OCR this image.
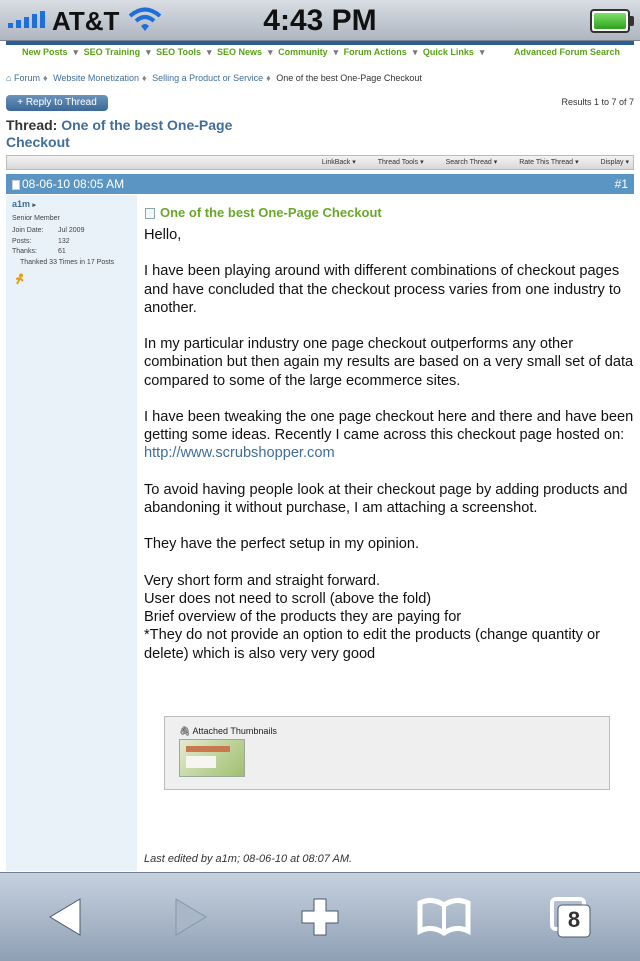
AT&T	4:43 PM
New Posts ▾ SEO Training ▾ SEO Tools ▾ SEO News ▾ Community ▾ Forum Actions ▾ Quick Links ▾	Advanced Forum Search
⌂ Forum ♦ Website Monetization ♦ Selling a Product or Service ♦ One of the best One-Page Checkout
+ Reply to Thread	Results 1 to 7 of 7
Thread: One of the best One-Page Checkout
LinkBack ▾	Thread Tools ▾	Search Thread ▾	Rate This Thread ▾	Display ▾
08-06-10 08:05 AM	#1
a1m ▸
Senior Member
Join Date: Jul 2009
Posts:	132
Thanks:	61
Thanked 33 Times in 17 Posts

One of the best One-Page Checkout

Hello,

I have been playing around with different combinations of checkout pages and have concluded that the checkout process varies from one industry to another.

In my particular industry one page checkout outperforms any other combination but then again my results are based on a very small set of data compared to some of the large ecommerce sites.

I have been tweaking the one page checkout here and there and have been getting some ideas. Recently I came across this checkout page hosted on: http://www.scrubshopper.com

To avoid having people look at their checkout page by adding products and abandoning it without purchase, I am attaching a screenshot.

They have the perfect setup in my opinion.

Very short form and straight forward.

User does not need to scroll (above the fold)

Brief overview of the products they are paying for

*They do not provide an option to edit the products (change quantity or delete) which is also very very good

🖇 Attached Thumbnails
Last edited by a1m; 08-06-10 at 08:07 AM.
8
